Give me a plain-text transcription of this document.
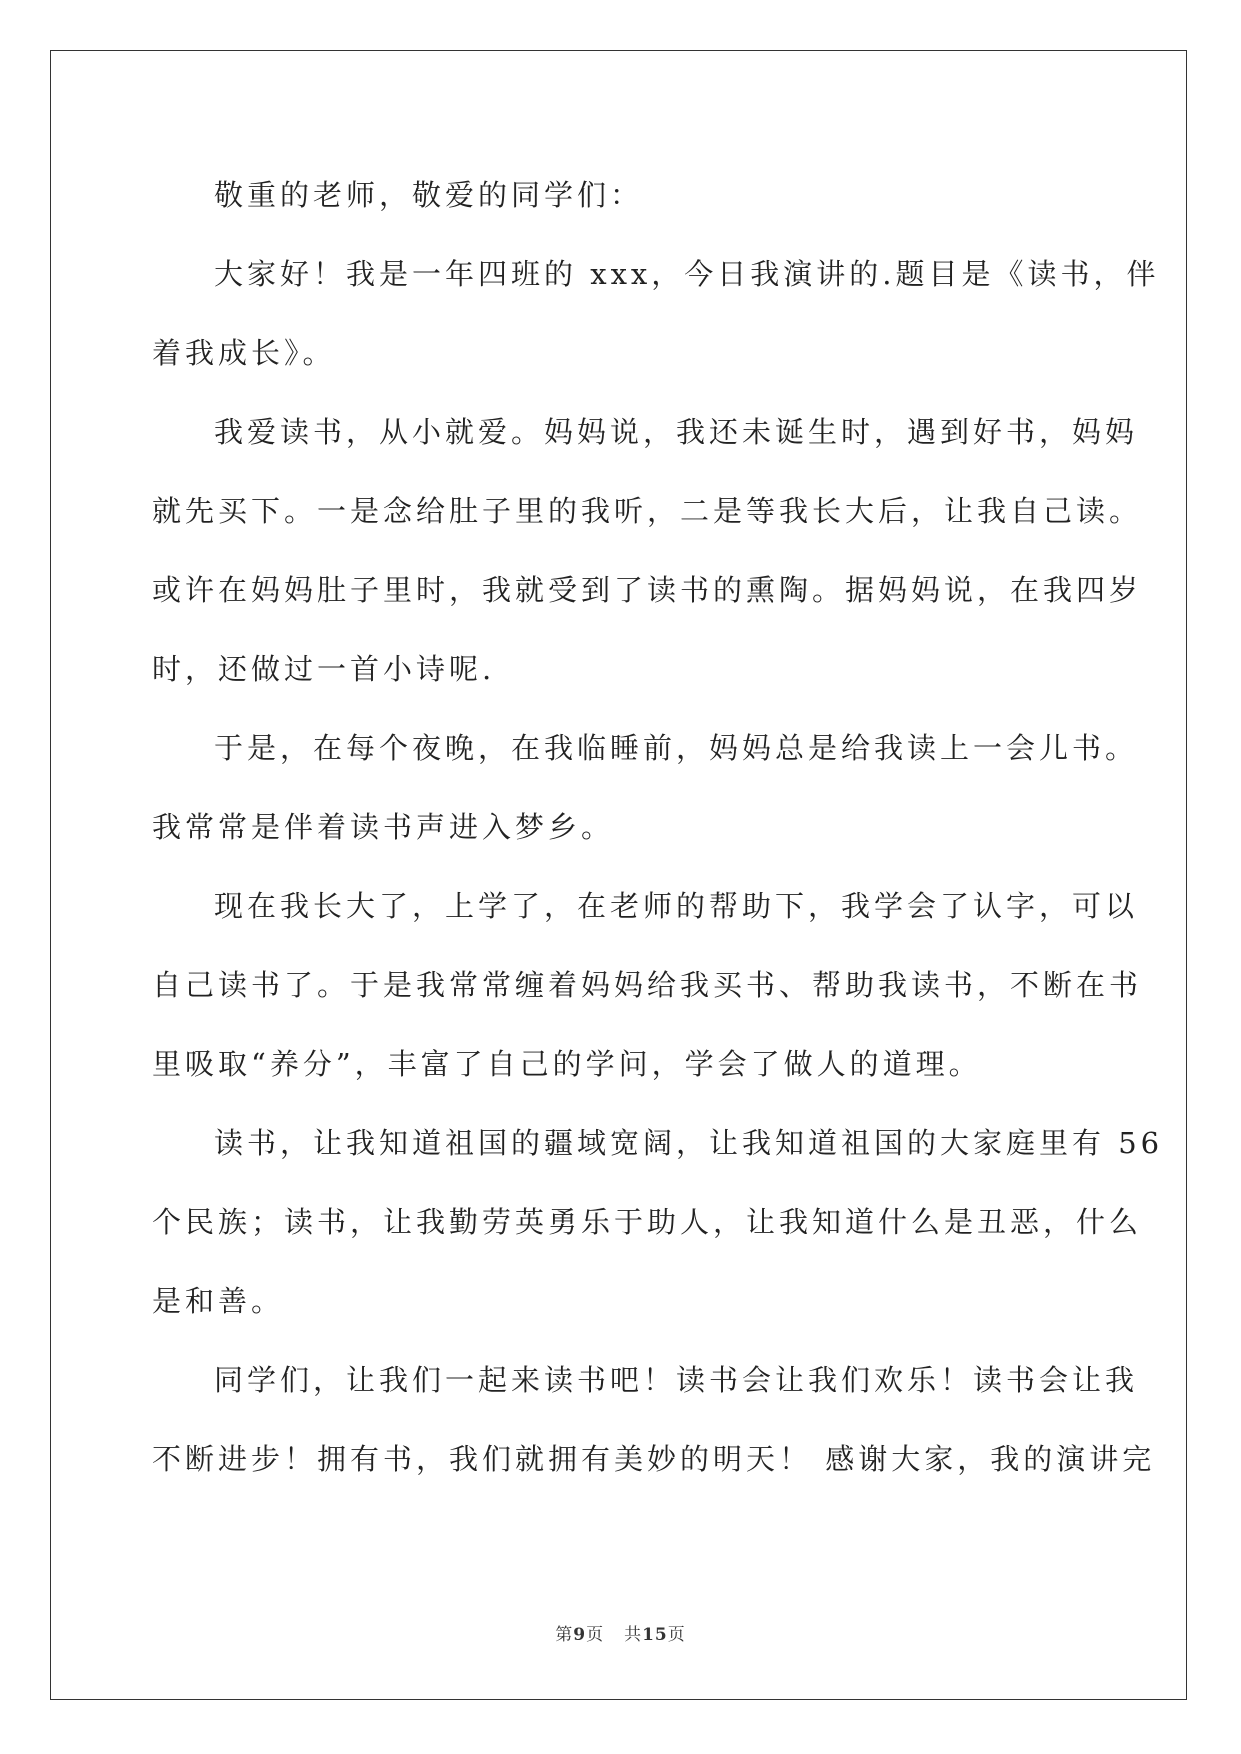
敬重的老师，敬爱的同学们：

大家好！我是一年四班的 xxx，今日我演讲的.题目是《读书，伴

着我成长》。

我爱读书，从小就爱。妈妈说，我还未诞生时，遇到好书，妈妈

就先买下。一是念给肚子里的我听，二是等我长大后，让我自己读。

或许在妈妈肚子里时，我就受到了读书的熏陶。据妈妈说，在我四岁

时，还做过一首小诗呢.

于是，在每个夜晚，在我临睡前，妈妈总是给我读上一会儿书。

我常常是伴着读书声进入梦乡。

现在我长大了，上学了，在老师的帮助下，我学会了认字，可以

自己读书了。于是我常常缠着妈妈给我买书、帮助我读书，不断在书

里吸取“养分”，丰富了自己的学问，学会了做人的道理。

读书，让我知道祖国的疆域宽阔，让我知道祖国的大家庭里有 56

个民族；读书，让我勤劳英勇乐于助人，让我知道什么是丑恶，什么

是和善。

同学们，让我们一起来读书吧！读书会让我们欢乐！读书会让我

不断进步！拥有书，我们就拥有美妙的明天！ 感谢大家，我的演讲完

第9页 共15页
